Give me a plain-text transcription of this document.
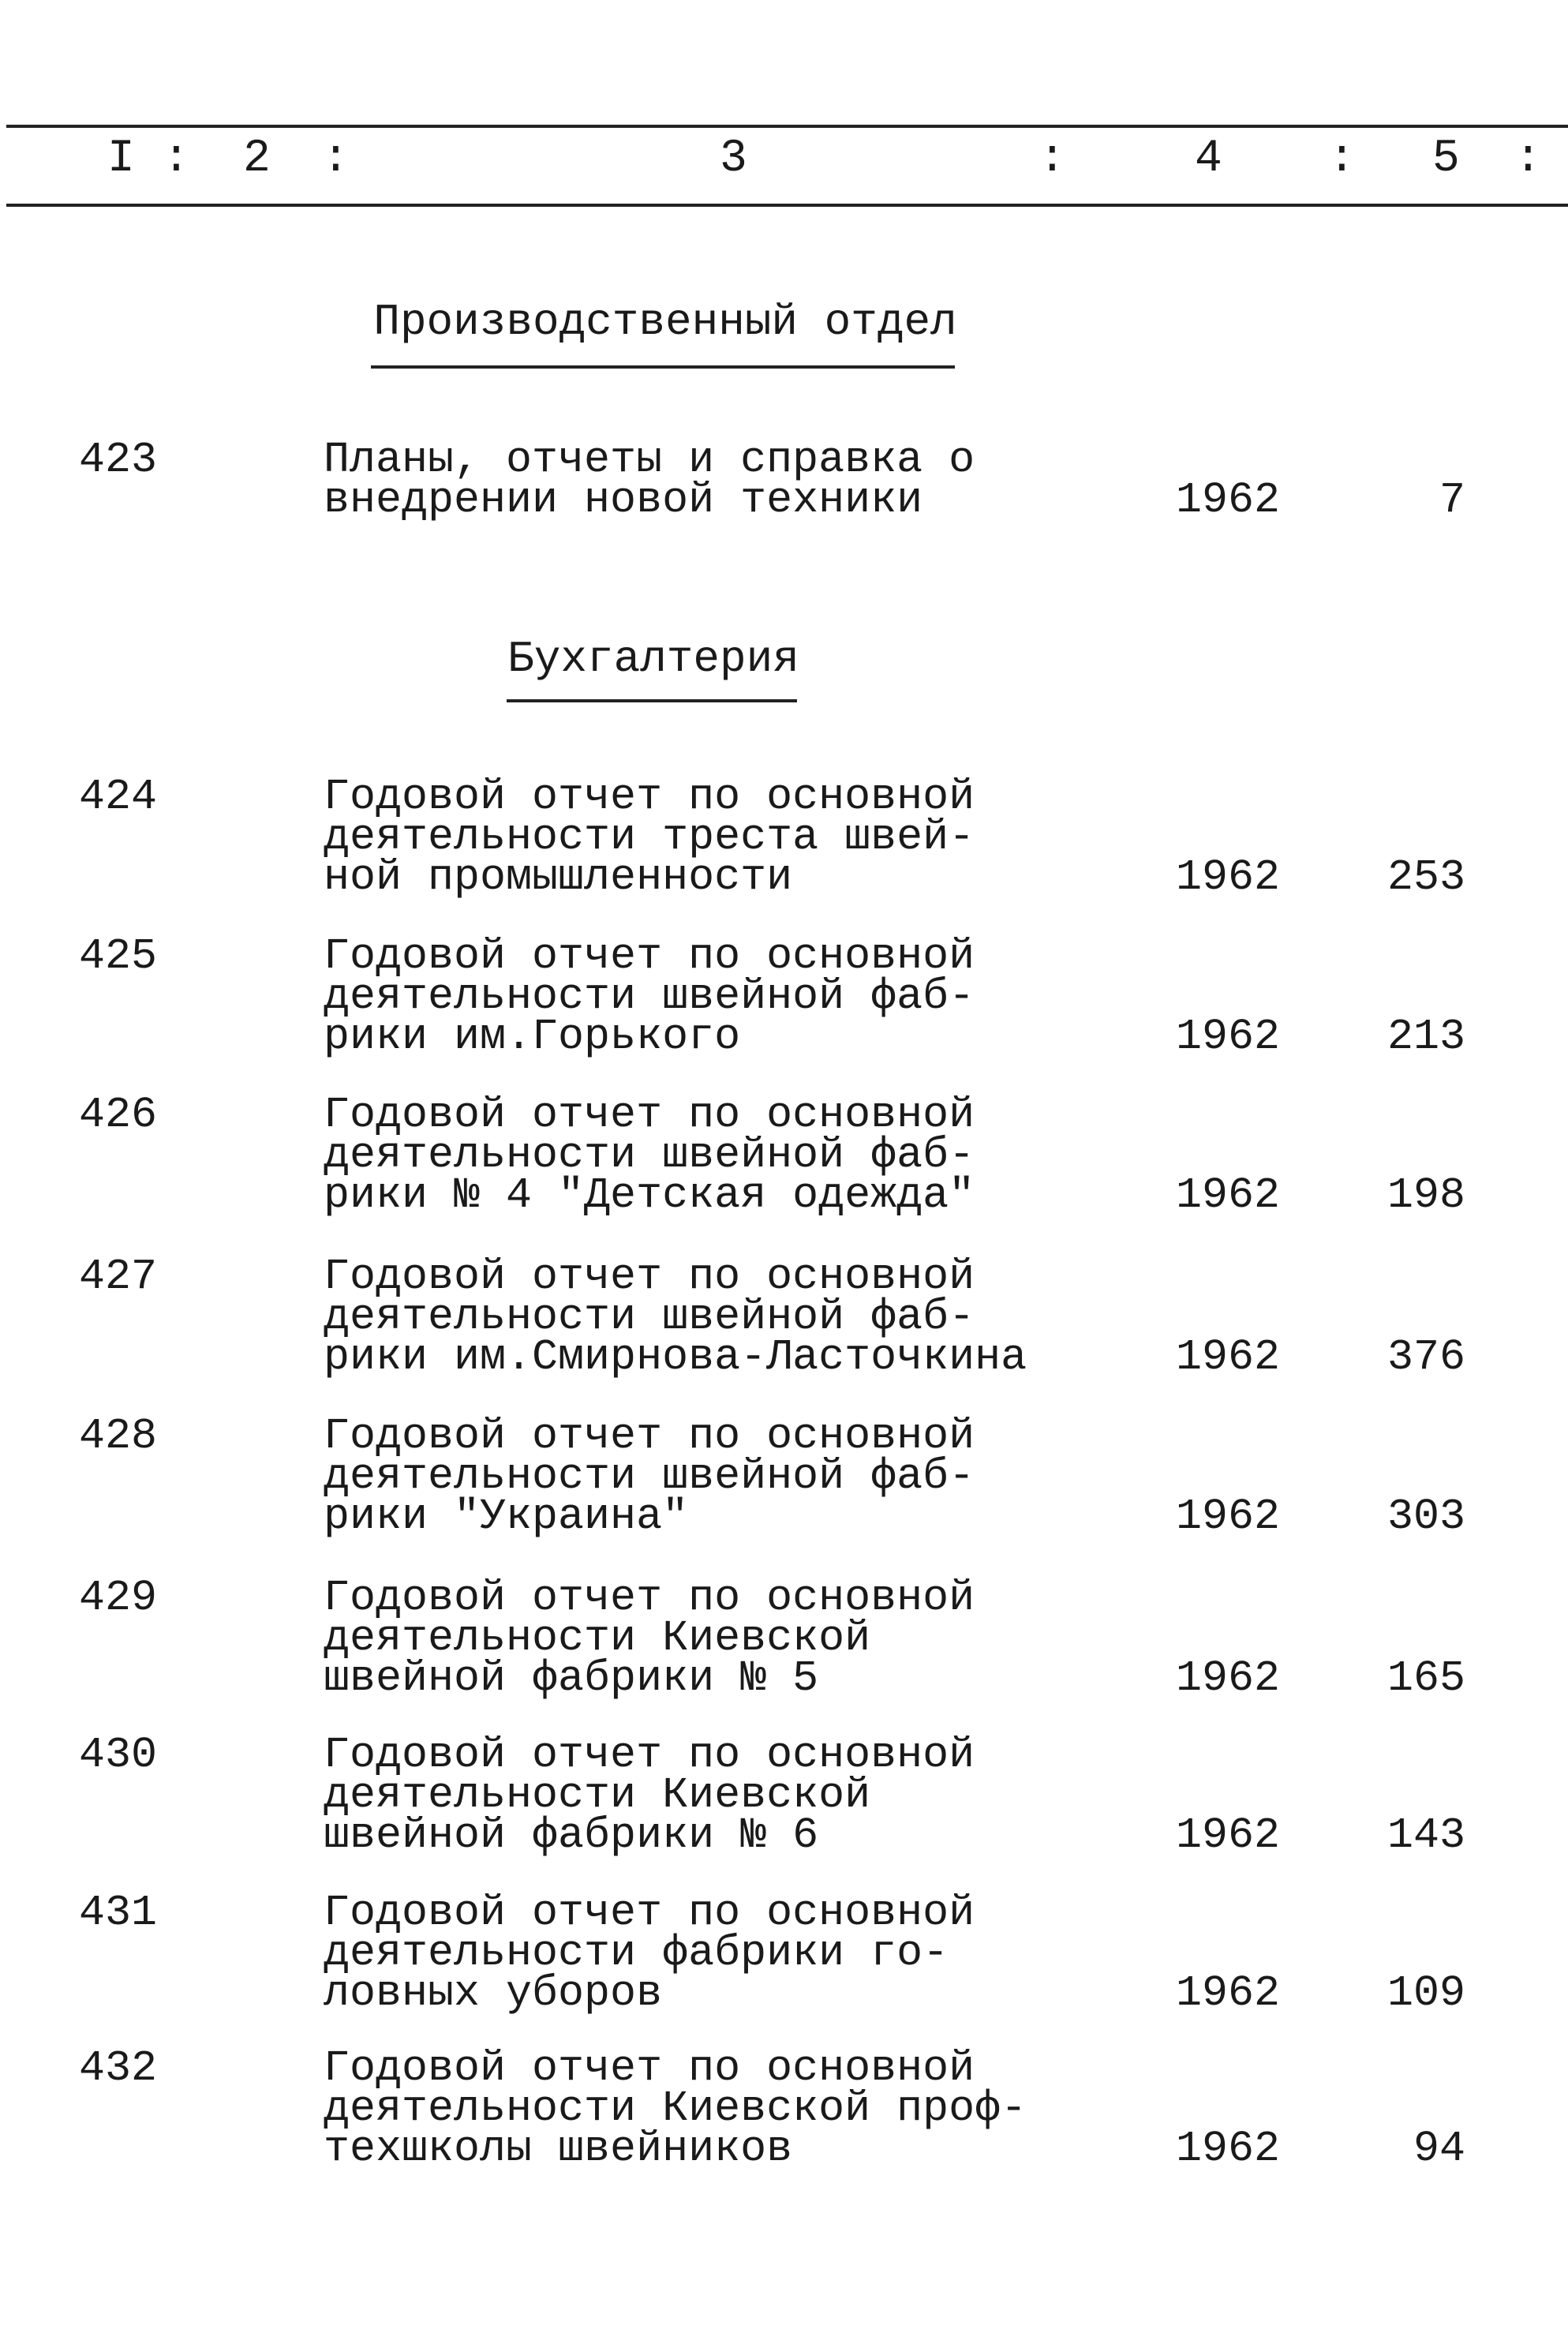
I : 2 :	3	:	4 : 5 :
Производственный отдел
Бухгалтерия
423	Планы, отчеты и справка о
внедрении новой техники	1962	7
424	Годовой отчет по основной
деятельности треста швей-
ной промышленности	1962 253
425	Годовой отчет по основной
деятельности швейной фаб-
рики им.Горького	1962 213
426	Годовой отчет по основной
деятельности швейной фаб-
рики № 4 "Детская одежда"	1962 198
427	Годовой отчет по основной
деятельности швейной фаб-
рики им.Смирнова-Ласточкина	1962 376
428	Годовой отчет по основной
деятельности швейной фаб-
рики "Украина"	1962 303
429	Годовой отчет по основной
деятельности Киевской
швейной фабрики № 5	1962 165
430	Годовой отчет по основной
деятельности Киевской
швейной фабрики № 6	1962 143
431	Годовой отчет по основной
деятельности фабрики го-
ловных уборов	1962 109
432	Годовой отчет по основной
деятельности Киевской проф-
техшколы швейников	1962	94
